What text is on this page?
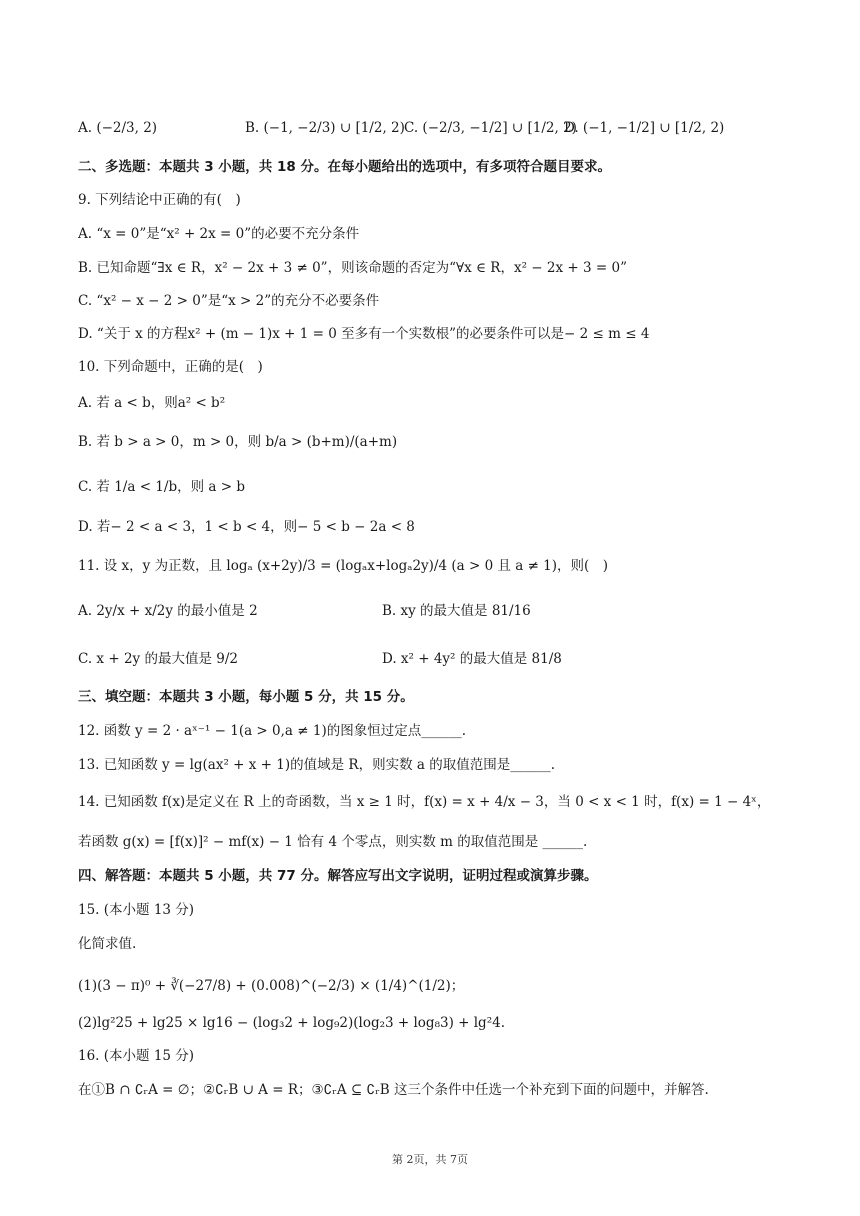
A. (−2/3, 2)	B. (−1, −2/3) ∪ [1/2, 2) C. (−2/3, −1/2] ∪ [1/2, 2)
D. (−1, −1/2] ∪ [1/2, 2)
二、多选题：本题共 3 小题，共 18 分。在每小题给出的选项中，有多项符合题目要求。
9. 下列结论中正确的有(　)
A. “x = 0”是“x² + 2x = 0”的必要不充分条件
B. 已知命题“∃x ∈ R，x² − 2x + 3 ≠ 0”，则该命题的否定为“∀x ∈ R，x² − 2x + 3 = 0”
C. “x² − x − 2 > 0”是“x > 2”的充分不必要条件
D. “关于 x 的方程x² + (m − 1)x + 1 = 0 至多有一个实数根”的必要条件可以是− 2 ≤ m ≤ 4
10. 下列命题中，正确的是(　)
A. 若 a < b，则a² < b²
B. 若 b > a > 0，m > 0，则 b/a > (b+m)/(a+m)
C. 若 1/a < 1/b，则 a > b
D. 若− 2 < a < 3，1 < b < 4，则− 5 < b − 2a < 8
11. 设 x，y 为正数，且 logₐ (x+2y)/3 = (logₐx+logₐ2y)/4 (a > 0 且 a ≠ 1)，则(　)
A. 2y/x + x/2y 的最小值是 2	B. xy 的最大值是 81/16
C. x + 2y 的最大值是 9/2	D. x² + 4y² 的最大值是 81/8
三、填空题：本题共 3 小题，每小题 5 分，共 15 分。
12. 函数 y = 2 · aˣ⁻¹ − 1(a > 0,a ≠ 1)的图象恒过定点______.
13. 已知函数 y = lg(ax² + x + 1)的值域是 R，则实数 a 的取值范围是______.
14. 已知函数 f(x)是定义在 R 上的奇函数，当 x ≥ 1 时，f(x) = x + 4/x − 3，当 0 < x < 1 时，f(x) = 1 − 4ˣ，
若函数 g(x) = [f(x)]² − mf(x) − 1 恰有 4 个零点，则实数 m 的取值范围是 ______.
四、解答题：本题共 5 小题，共 77 分。解答应写出文字说明，证明过程或演算步骤。
15. (本小题 13 分)
化简求值.
(1)(3 − π)⁰ + ∛(−27/8) + (0.008)^(−2/3) × (1/4)^(1/2)；
(2)lg²25 + lg25 × lg16 − (log₃2 + log₉2)(log₂3 + log₈3) + lg²4.
16. (本小题 15 分)
在①B ∩ ∁ᵣA = ∅；②∁ᵣB ∪ A = R；③∁ᵣA ⊆ ∁ᵣB 这三个条件中任选一个补充到下面的问题中，并解答.
第 2页，共 7页
